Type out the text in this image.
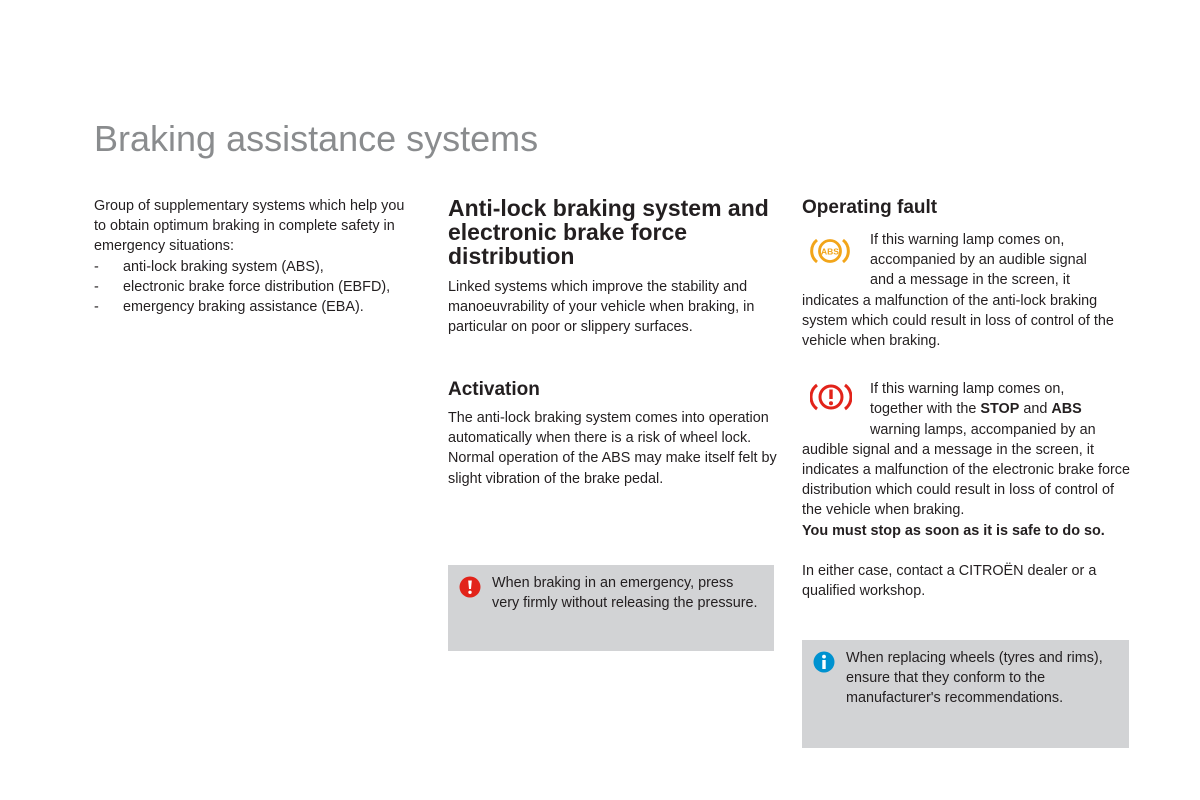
Braking assistance systems

Group of supplementary systems which help you to obtain optimum braking in complete safety in emergency situations:

- anti-lock braking system (ABS),
- electronic brake force distribution (EBFD),
- emergency braking assistance (EBA).
Anti-lock braking system and electronic brake force distribution

Linked systems which improve the stability and manoeuvrability of your vehicle when braking, in particular on poor or slippery surfaces.

Activation

The anti-lock braking system comes into operation automatically when there is a risk of wheel lock.

Normal operation of the ABS may make itself felt by slight vibration of the brake pedal.

When braking in an emergency, press very firmly without releasing the pressure.
Operating fault
ABS
If this warning lamp comes on,
accompanied by an audible signal
and a message in the screen, it
indicates a malfunction of the anti-lock braking system which could result in loss of control of the vehicle when braking.
If this warning lamp comes on,
together with the STOP and ABS
warning lamps, accompanied by an
audible signal and a message in the screen, it indicates a malfunction of the electronic brake force distribution which could result in loss of control of the vehicle when braking.
You must stop as soon as it is safe to do so.
In either case, contact a CITROËN dealer or a qualified workshop.
When replacing wheels (tyres and rims), ensure that they conform to the manufacturer's recommendations.
